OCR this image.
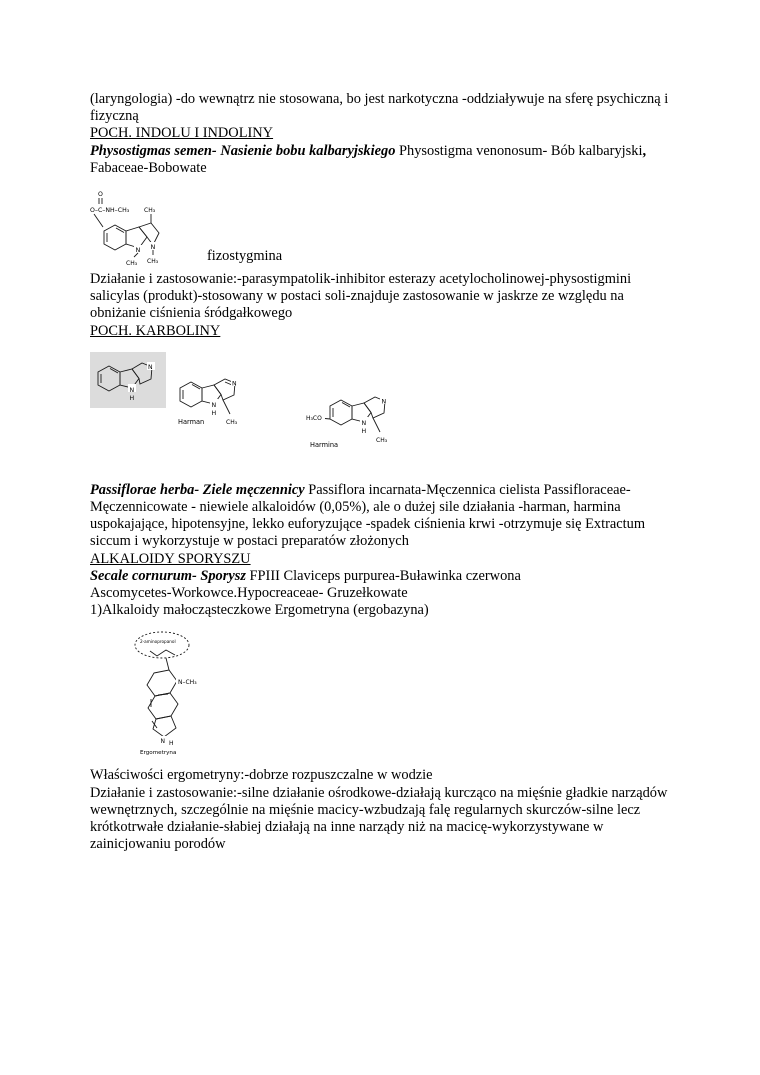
(laryngologia) -do wewnątrz nie stosowana, bo jest narkotyczna -oddziaływuje na sferę psychiczną i fizyczną

POCH. INDOLU I INDOLINY

Physostigmas semen- Nasienie bobu kalbaryjskiego Physostigma venonosum- Bób kalbaryjski, Fabaceae-Bobowate

O
O–C–NH–CH₃ CH₃
N
CH₃
N
CH₃	fizostygmina

Działanie i zastosowanie:-parasympatolik-inhibitor esterazy acetylocholinowej-physostigmini salicylas (produkt)-stosowany w postaci soli-znajduje zastosowanie w jaskrze ze względu na obniżanie ciśnienia śródgałkowego

POCH. KARBOLINY

N
N
H
N
N
H
CH₃
Harman	H₃CO
N
N
H
CH₃
Harmina

Passiflorae herba- Ziele męczennicy Passiflora incarnata-Męczennica cielista Passifloraceae-Męczennicowate - niewiele alkaloidów (0,05%), ale o dużej sile działania -harman, harmina uspokajające, hipotensyjne, lekko euforyzujące -spadek ciśnienia krwi -otrzymuje się Extractum siccum i wykorzystuje w postaci preparatów złożonych

ALKALOIDY SPORYSZU

Secale cornurum- Sporysz FPIII Claviceps purpurea-Buławinka czerwona
Ascomycetes-Workowce.Hypocreaceae- Gruzełkowate

1)Alkaloidy małocząsteczkowe Ergometryna (ergobazyna)

2-aminopropanol
N–CH₃
N H
Ergometryna

Właściwości ergometryny:-dobrze rozpuszczalne w wodzie

Działanie i zastosowanie:-silne działanie ośrodkowe-działają kurcząco na mięśnie gładkie narządów wewnętrznych, szczególnie na mięśnie macicy-wzbudzają falę regularnych skurczów-silne lecz krótkotrwałe działanie-słabiej działają na inne narządy niż na macicę-wykorzystywane w zainicjowaniu porodów
